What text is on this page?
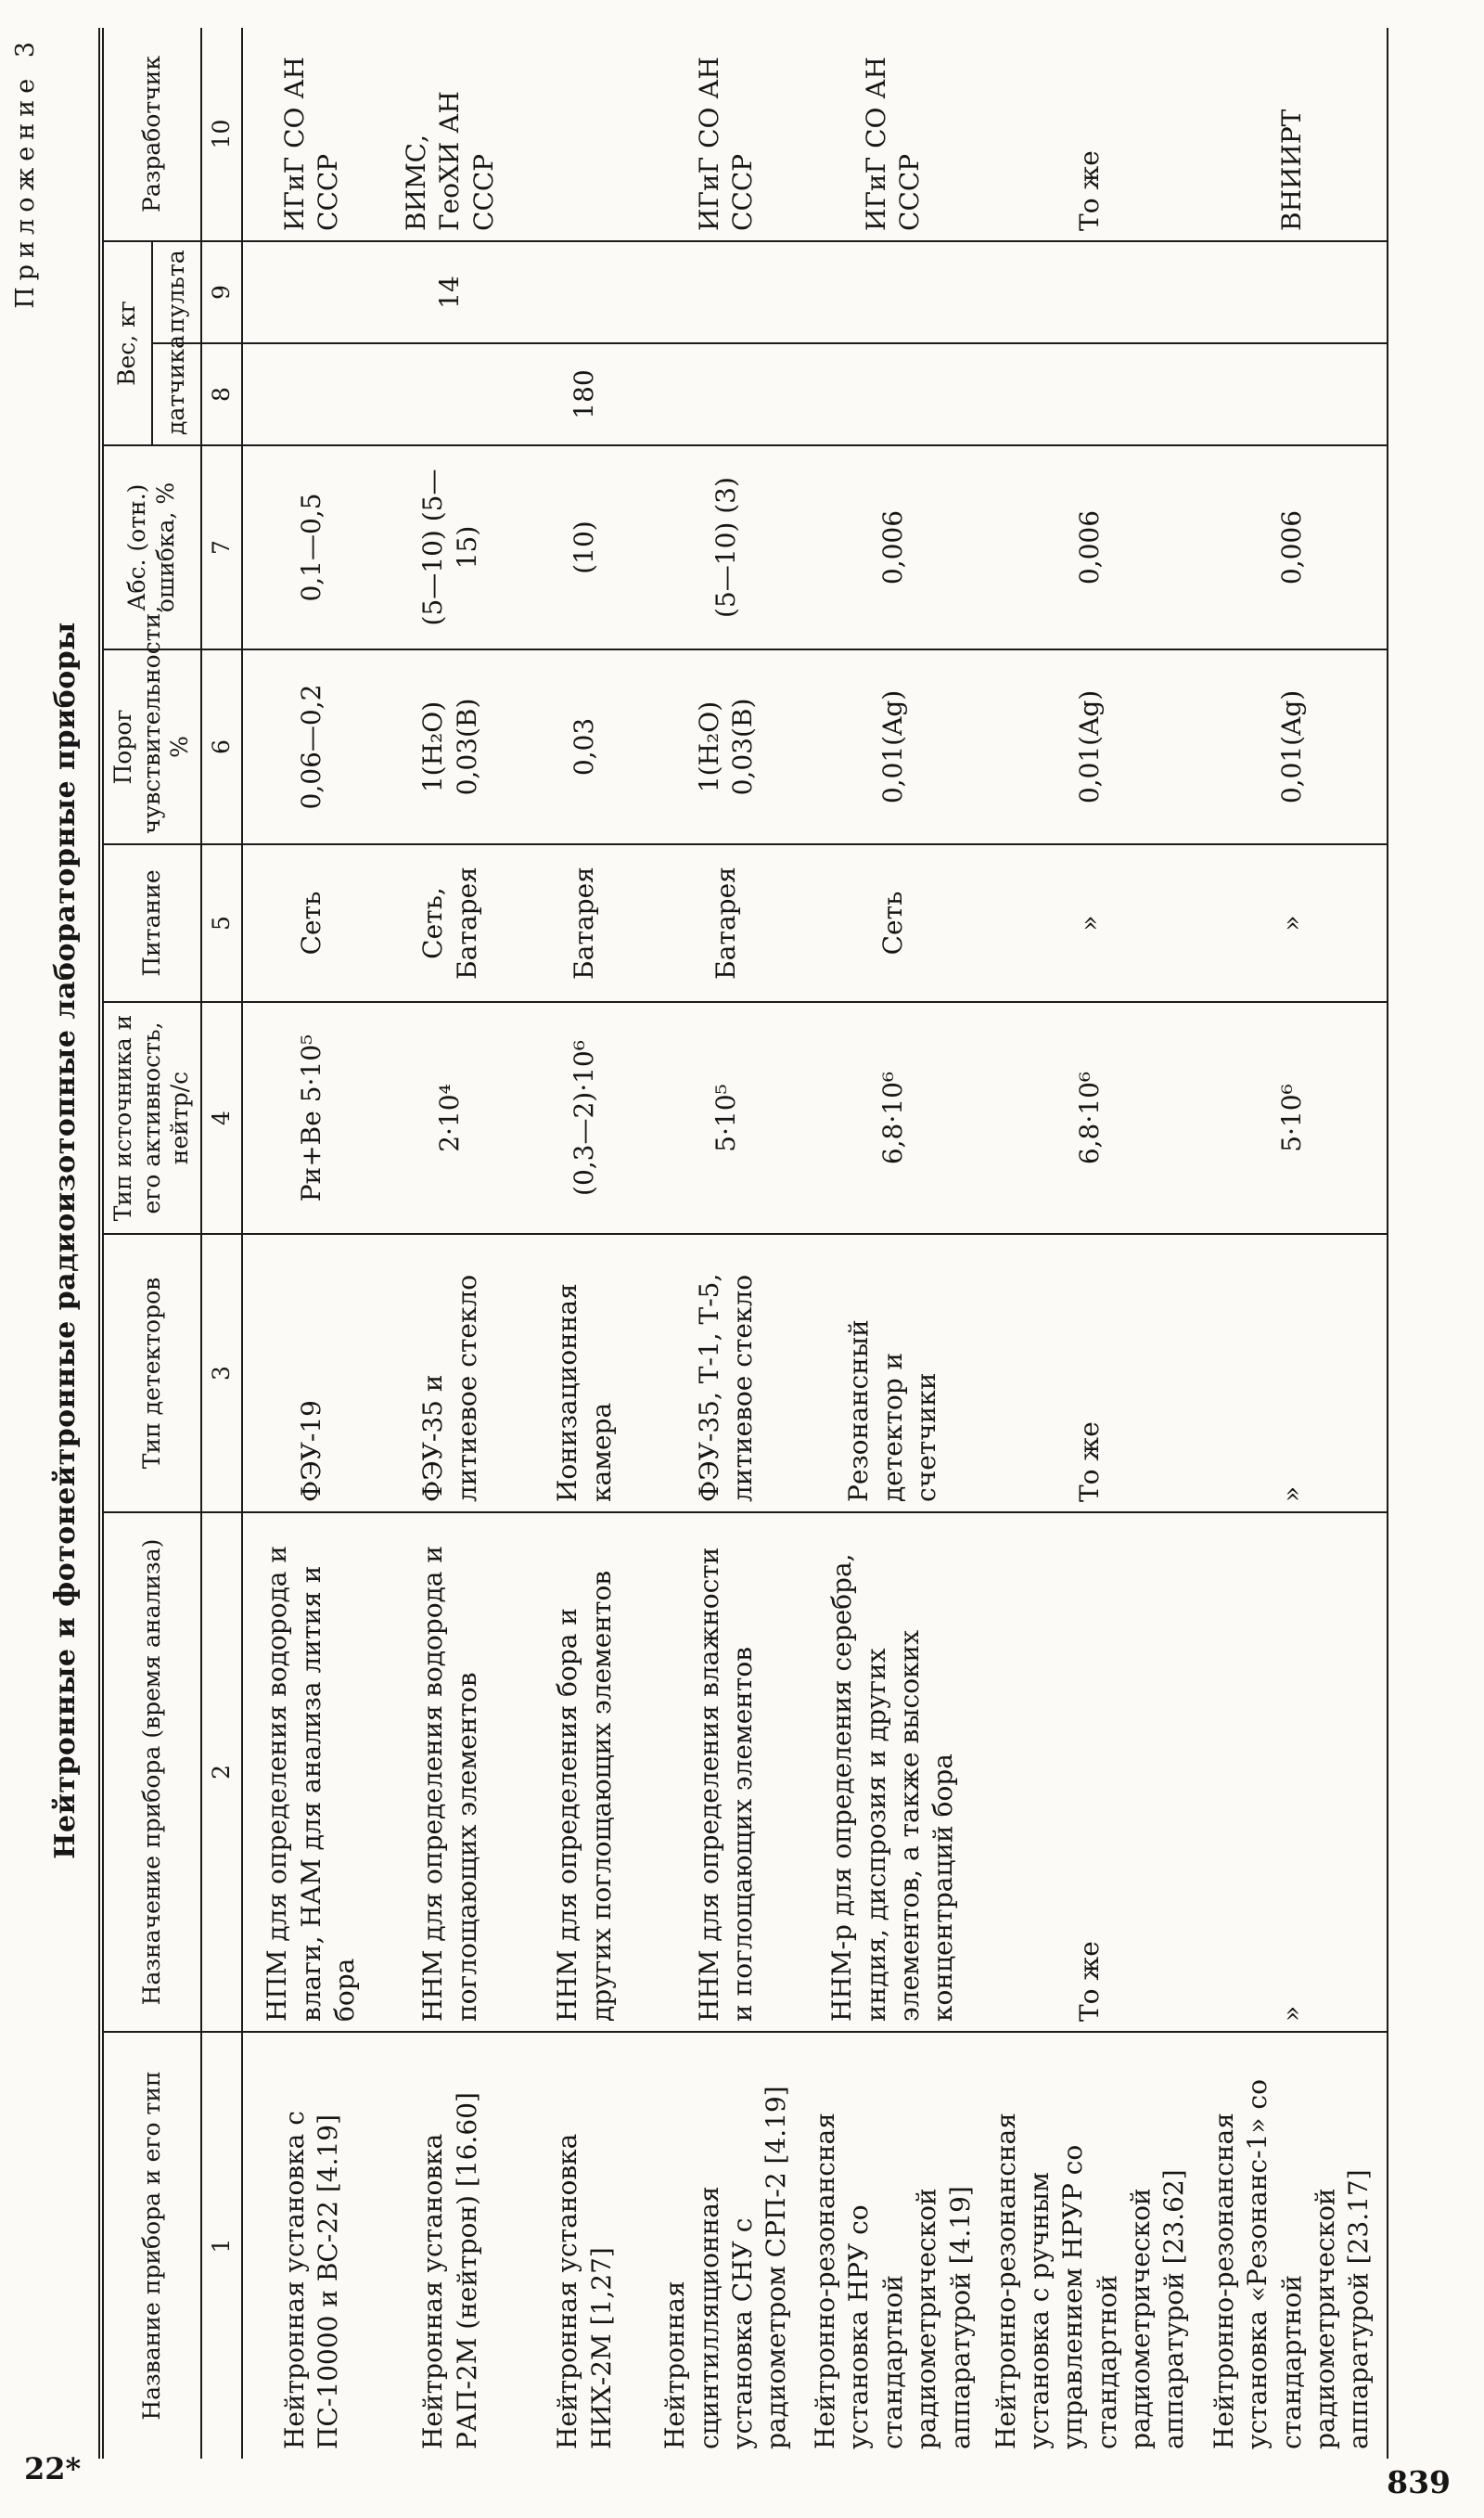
Приложение 3
Нейтронные и фотонейтронные радиоизотопные лабораторные приборы
Название прибора и его тип	Назначение прибора (время анализа)	Тип детекторов	Тип источника и его активность, нейтр/с	Питание	Порог чувствительности, %	Абс. (отн.) ошибка, %	Вес, кг		Разработчик
							датчика	пульта	
1	2	3	4	5	6	7	8	9	10
Нейтронная установка с ПС-10000 и ВС-22 [4.19]	НПМ для определения водорода и влаги, НАМ для анализа лития и бора	ФЭУ-19	Ри+Ве 5·10⁵	Сеть	0,06—0,2	0,1—0,5			ИГиГ СО АН СССР
Нейтронная установка РАП-2М (нейтрон) [16.60]	ННМ для определения водорода и поглощающих элементов	ФЭУ-35 и литиевое стекло	2·10⁴	Сеть, Батарея	1(Н₂О) 0,03(В)	(5—10) (5—15)		14	ВИМС, ГеоХИ АН СССР
Нейтронная установка НИХ-2М [1,27]	ННМ для определения бора и других поглощающих элементов	Ионизационная камера	(0,3—2)·10⁶	Батарея	0,03	(10)	180		
Нейтронная сцинтилляционная установка СНУ с радиометром СРП-2 [4.19]	ННМ для определения влажности и поглощающих элементов	ФЭУ-35, Т-1, Т-5, литиевое стекло	5·10⁵	Батарея	1(Н₂О) 0,03(В)	(5—10) (3)			ИГиГ СО АН СССР
Нейтронно-резонансная установка НРУ со стандартной радиометрической аппаратурой [4.19]	ННМ-р для определения серебра, индия, диспрозия и других элементов, а также высоких концентраций бора	Резонансный детектор и счетчики	6,8·10⁶	Сеть	0,01(Ag)	0,006			ИГиГ СО АН СССР
Нейтронно-резонансная установка с ручным управлением НРУР со стандартной радиометрической аппаратурой [23.62]	То же	То же	6,8·10⁶	»	0,01(Ag)	0,006			То же
Нейтронно-резонансная установка «Резонанс-1» со стандартной радиометрической аппаратурой [23.17]	»	»	5·10⁶	»	0,01(Ag)	0,006			ВНИИРТ
22*	839
